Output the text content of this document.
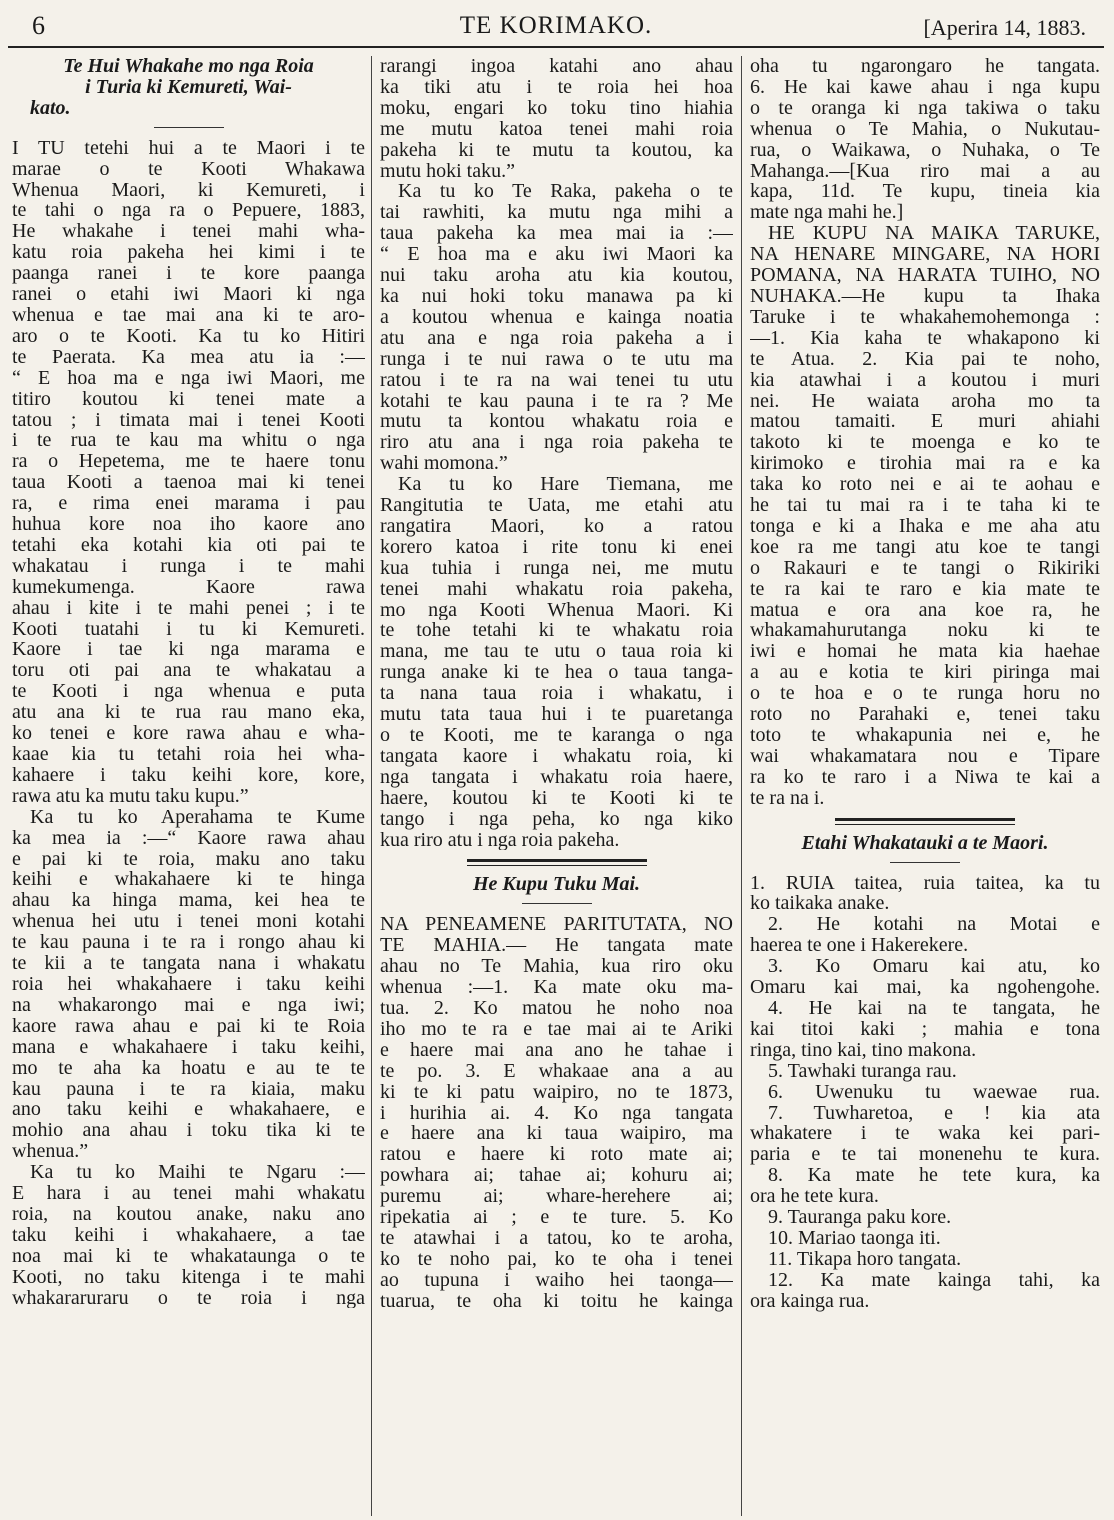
6	TE KORIMAKO.	[Aperira 14, 1883.
Te Hui Whakahe mo nga Roia
i Turia ki Kemureti, Wai-
kato.
I TU tetehi hui a te Maori i te
marae o te Kooti Whakawa
Whenua Maori, ki Kemureti, i
te tahi o nga ra o Pepuere, 1883,
He whakahe i tenei mahi wha-
katu roia pakeha hei kimi i te
paanga ranei i te kore paanga
ranei o etahi iwi Maori ki nga
whenua e tae mai ana ki te aro-
aro o te Kooti. Ka tu ko Hitiri
te Paerata. Ka mea atu ia :—
“ E hoa ma e nga iwi Maori, me
titiro koutou ki tenei mate a
tatou ; i timata mai i tenei Kooti
i te rua te kau ma whitu o nga
ra o Hepetema, me te haere tonu
taua Kooti a taenoa mai ki tenei
ra, e rima enei marama i pau
huhua kore noa iho kaore ano
tetahi eka kotahi kia oti pai te
whakatau i runga i te mahi
kumekumenga. Kaore rawa
ahau i kite i te mahi penei ; i te
Kooti tuatahi i tu ki Kemureti.
Kaore i tae ki nga marama e
toru oti pai ana te whakatau a
te Kooti i nga whenua e puta
atu ana ki te rua rau mano eka,
ko tenei e kore rawa ahau e wha-
kaae kia tu tetahi roia hei wha-
kahaere i taku keihi kore, kore,
rawa atu ka mutu taku kupu.”
Ka tu ko Aperahama te Kume
ka mea ia :—“ Kaore rawa ahau
e pai ki te roia, maku ano taku
keihi e whakahaere ki te hinga
ahau ka hinga mama, kei hea te
whenua hei utu i tenei moni kotahi
te kau pauna i te ra i rongo ahau ki
te kii a te tangata nana i whakatu
roia hei whakahaere i taku keihi
na whakarongo mai e nga iwi;
kaore rawa ahau e pai ki te Roia
mana e whakahaere i taku keihi,
mo te aha ka hoatu e au te te
kau pauna i te ra kiaia, maku
ano taku keihi e whakahaere, e
mohio ana ahau i toku tika ki te
whenua.”
Ka tu ko Maihi te Ngaru :—
E hara i au tenei mahi whakatu
roia, na koutou anake, naku ano
taku keihi i whakahaere, a tae
noa mai ki te whakataunga o te
Kooti, no taku kitenga i te mahi
whakararuraru o te roia i nga
rarangi ingoa katahi ano ahau
ka tiki atu i te roia hei hoa
moku, engari ko toku tino hiahia
me mutu katoa tenei mahi roia
pakeha ki te mutu ta koutou, ka
mutu hoki taku.”
Ka tu ko Te Raka, pakeha o te
tai rawhiti, ka mutu nga mihi a
taua pakeha ka mea mai ia :—
“ E hoa ma e aku iwi Maori ka
nui taku aroha atu kia koutou,
ka nui hoki toku manawa pa ki
a koutou whenua e kainga noatia
atu ana e nga roia pakeha a i
runga i te nui rawa o te utu ma
ratou i te ra na wai tenei tu utu
kotahi te kau pauna i te ra ? Me
mutu ta kontou whakatu roia e
riro atu ana i nga roia pakeha te
wahi momona.”
Ka tu ko Hare Tiemana, me
Rangitutia te Uata, me etahi atu
rangatira Maori, ko a ratou
korero katoa i rite tonu ki enei
kua tuhia i runga nei, me mutu
tenei mahi whakatu roia pakeha,
mo nga Kooti Whenua Maori. Ki
te tohe tetahi ki te whakatu roia
mana, me tau te utu o taua roia ki
runga anake ki te hea o taua tanga-
ta nana taua roia i whakatu, i
mutu tata taua hui i te puaretanga
o te Kooti, me te karanga o nga
tangata kaore i whakatu roia, ki
nga tangata i whakatu roia haere,
haere, koutou ki te Kooti ki te
tango i nga peha, ko nga kiko
kua riro atu i nga roia pakeha.
He Kupu Tuku Mai.
NA PENEAMENE PARITUTATA, NO
TE MAHIA.— He tangata mate
ahau no Te Mahia, kua riro oku
whenua :—1. Ka mate oku ma-
tua. 2. Ko matou he noho noa
iho mo te ra e tae mai ai te Ariki
e haere mai ana ano he tahae i
te po. 3. E whakaae ana a au
ki te ki patu waipiro, no te 1873,
i hurihia ai. 4. Ko nga tangata
e haere ana ki taua waipiro, ma
ratou e haere ki roto mate ai;
powhara ai; tahae ai; kohuru ai;
puremu ai; whare-herehere ai;
ripekatia ai ; e te ture. 5. Ko
te atawhai i a tatou, ko te aroha,
ko te noho pai, ko te oha i tenei
ao tupuna i waiho hei taonga—
tuarua, te oha ki toitu he kainga
oha tu ngarongaro he tangata.
6. He kai kawe ahau i nga kupu
o te oranga ki nga takiwa o taku
whenua o Te Mahia, o Nukutau-
rua, o Waikawa, o Nuhaka, o Te
Mahanga.—[Kua riro mai a au
kapa, 11d. Te kupu, tineia kia
mate nga mahi he.]
HE KUPU NA MAIKA TARUKE,
NA HENARE MINGARE, NA HORI
POMANA, NA HARATA TUIHO, NO
NUHAKA.—He kupu ta Ihaka
Taruke i te whakahemohemonga :
—1. Kia kaha te whakapono ki
te Atua. 2. Kia pai te noho,
kia atawhai i a koutou i muri
nei. He waiata aroha mo ta
matou tamaiti. E muri ahiahi
takoto ki te moenga e ko te
kirimoko e tirohia mai ra e ka
taka ko roto nei e ai te aohau e
he tai tu mai ra i te taha ki te
tonga e ki a Ihaka e me aha atu
koe ra me tangi atu koe te tangi
o Rakauri e te tangi o Rikiriki
te ra kai te raro e kia mate te
matua e ora ana koe ra, he
whakamahurutanga noku ki te
iwi e homai he mata kia haehae
a au e kotia te kiri piringa mai
o te hoa e o te runga horu no
roto no Parahaki e, tenei taku
toto te whakapunia nei e, he
wai whakamatara nou e Tipare
ra ko te raro i a Niwa te kai a
te ra na i.
Etahi Whakatauki a te Maori.
1. RUIA taitea, ruia taitea, ka tu
ko taikaka anake.
2. He kotahi na Motai e
haerea te one i Hakerekere.
3. Ko Omaru kai atu, ko
Omaru kai mai, ka ngohengohe.
4. He kai na te tangata, he
kai titoi kaki ; mahia e tona
ringa, tino kai, tino makona.
5. Tawhaki turanga rau.
6. Uwenuku tu waewae rua.
7. Tuwharetoa, e ! kia ata
whakatere i te waka kei pari-
paria e te tai monenehu te kura.
8. Ka mate he tete kura, ka
ora he tete kura.
9. Tauranga paku kore.
10. Mariao taonga iti.
11. Tikapa horo tangata.
12. Ka mate kainga tahi, ka
ora kainga rua.
